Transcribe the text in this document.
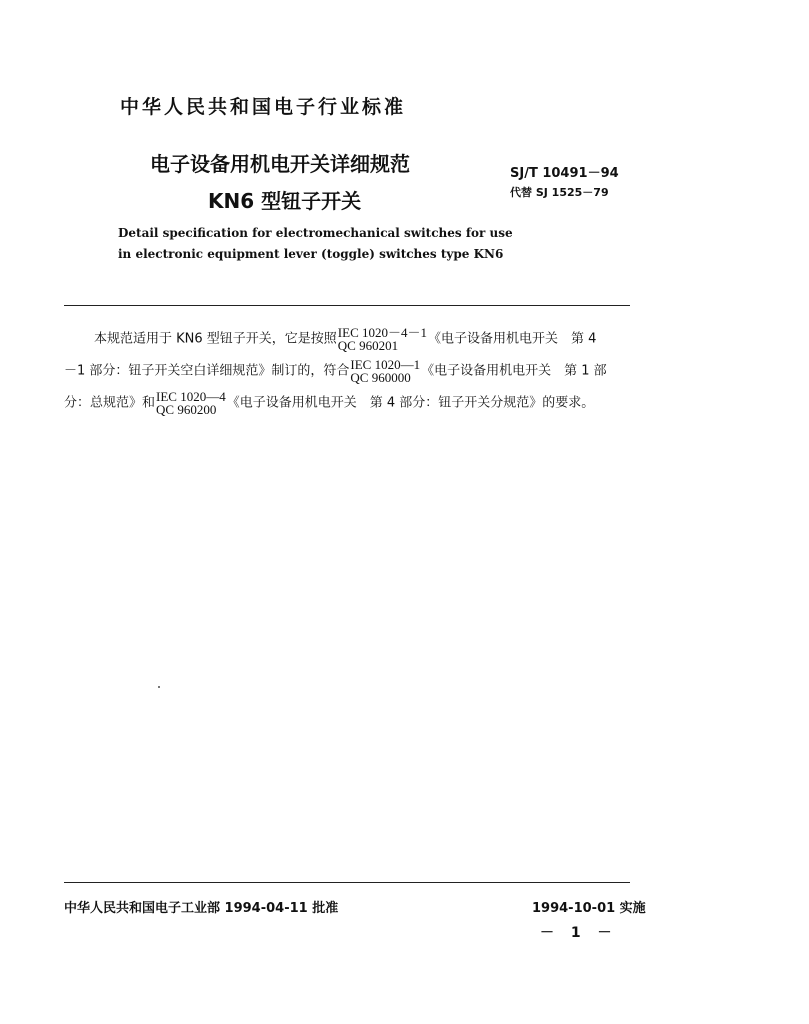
中华人民共和国电子行业标准
电子设备用机电开关详细规范
KN6 型钮子开关
SJ/T 10491－94
代替 SJ 1525－79
Detail specification for electromechanical switches for use
in electronic equipment lever (toggle) switches type KN6
本规范适用于 KN6 型钮子开关，它是按照 IEC 1020－4－1
QC 960201	《电子设备用机电开关　第 4
－1 部分：钮子开关空白详细规范》制订的，符合 IEC 1020—1
QC 960000 《电子设备用机电开关　第 1 部
分：总规范》和 IEC 1020—4
QC 960200 《电子设备用机电开关　第 4 部分：钮子开关分规范》的要求。
中华人民共和国电子工业部 1994-04-11 批准	1994-10-01 实施
－ 1 －
